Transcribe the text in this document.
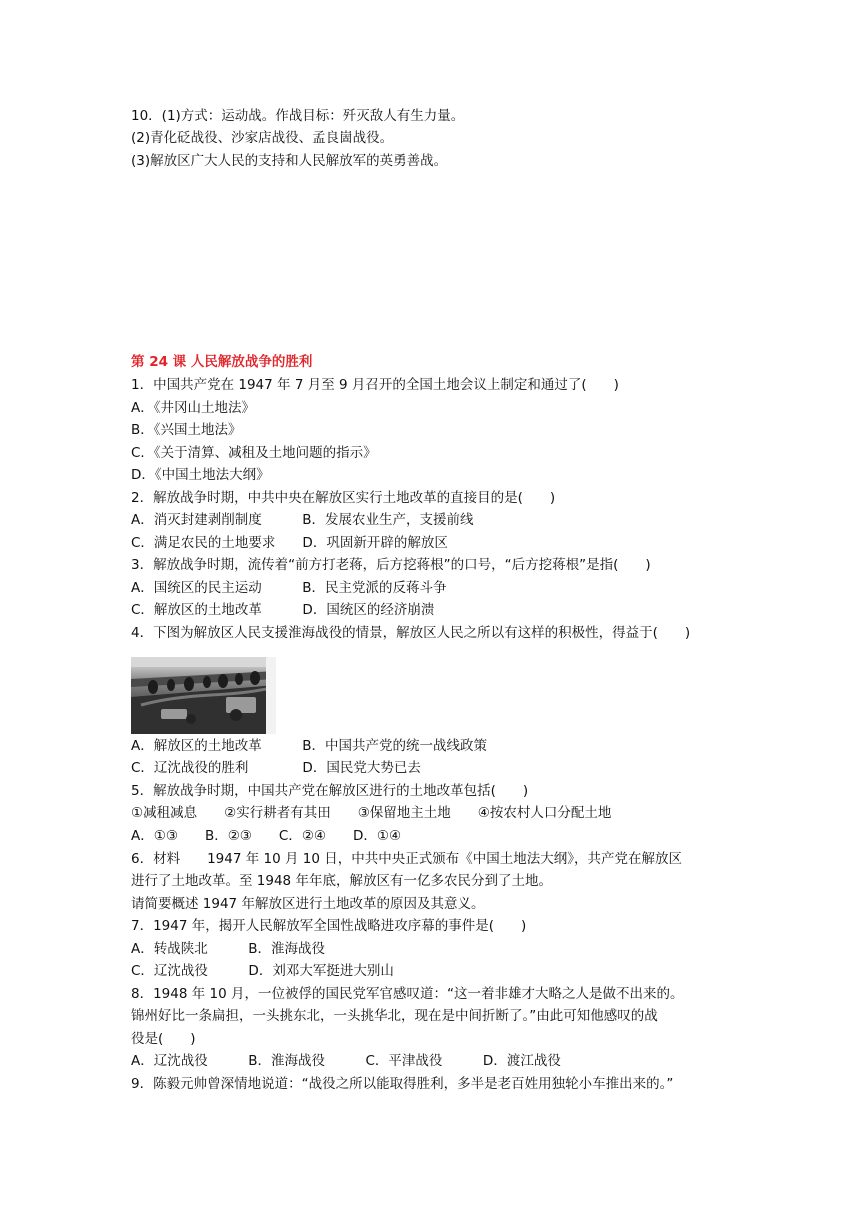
10．(1)方式：运动战。作战目标：歼灭敌人有生力量。
(2)青化砭战役、沙家店战役、孟良崮战役。
(3)解放区广大人民的支持和人民解放军的英勇善战。
第 24 课 人民解放战争的胜利
1．中国共产党在 1947 年 7 月至 9 月召开的全国土地会议上制定和通过了(　　)
A．《井冈山土地法》
B．《兴国土地法》
C．《关于清算、减租及土地问题的指示》
D．《中国土地法大纲》
2．解放战争时期，中共中央在解放区实行土地改革的直接目的是(　　)
A．消灭封建剥削制度　　　B．发展农业生产，支援前线
C．满足农民的土地要求　　D．巩固新开辟的解放区
3．解放战争时期，流传着“前方打老蒋，后方挖蒋根”的口号，“后方挖蒋根”是指(　　)
A．国统区的民主运动　　　B．民主党派的反蒋斗争
C．解放区的土地改革　　　D．国统区的经济崩溃
4．下图为解放区人民支援淮海战役的情景，解放区人民之所以有这样的积极性，得益于(　　)
A．解放区的土地改革　　　B．中国共产党的统一战线政策
C．辽沈战役的胜利　　　　D．国民党大势已去
5．解放战争时期，中国共产党在解放区进行的土地改革包括(　　)
①减租减息　　②实行耕者有其田　　③保留地主土地　　④按农村人口分配土地
A．①③　　B．②③　　C．②④　　D．①④
6．材料　　1947 年 10 月 10 日，中共中央正式颁布《中国土地法大纲》，共产党在解放区
进行了土地改革。至 1948 年年底，解放区有一亿多农民分到了土地。
请简要概述 1947 年解放区进行土地改革的原因及其意义。
7．1947 年，揭开人民解放军全国性战略进攻序幕的事件是(　　)
A．转战陕北　　　B．淮海战役
C．辽沈战役　　　D．刘邓大军挺进大别山
8．1948 年 10 月，一位被俘的国民党军官感叹道：“这一着非雄才大略之人是做不出来的。
锦州好比一条扁担，一头挑东北，一头挑华北，现在是中间折断了。”由此可知他感叹的战
役是(　　)
A．辽沈战役　　　B．淮海战役　　　C．平津战役　　　D．渡江战役
9．陈毅元帅曾深情地说道：“战役之所以能取得胜利，多半是老百姓用独轮小车推出来的。”
